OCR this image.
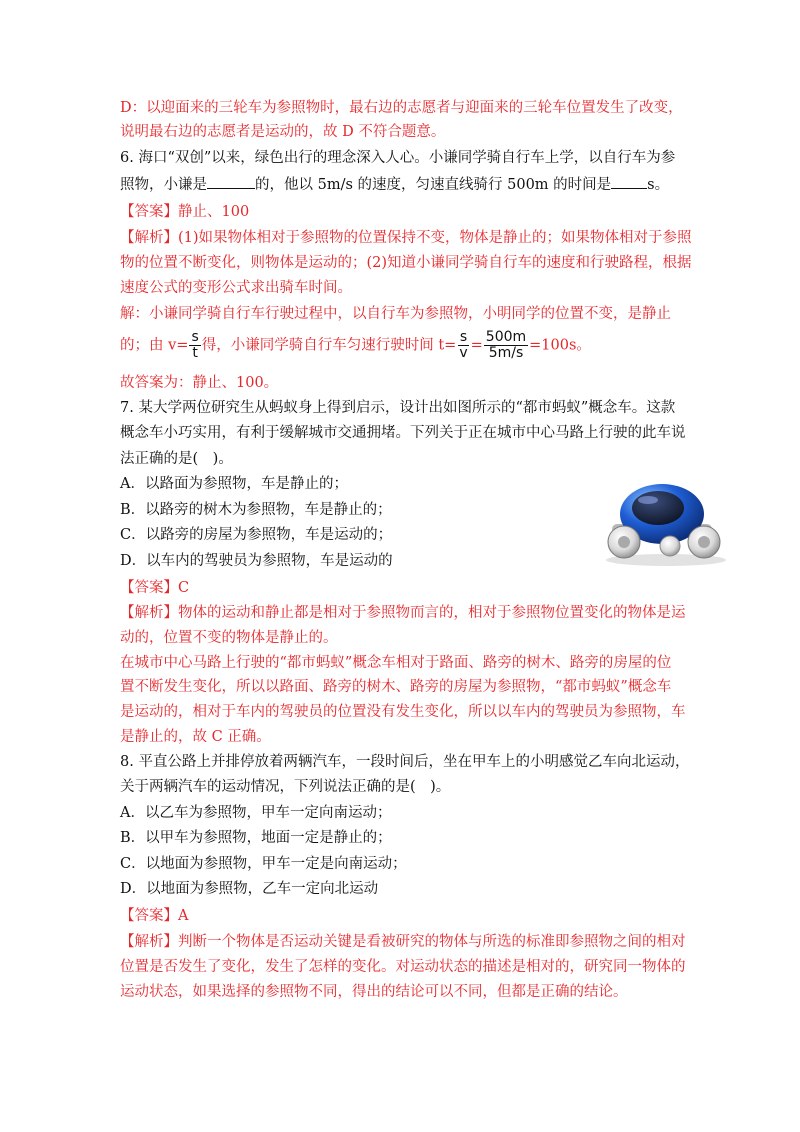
D：以迎面来的三轮车为参照物时，最右边的志愿者与迎面来的三轮车位置发生了改变，
说明最右边的志愿者是运动的，故 D 不符合题意。
6. 海口“双创”以来，绿色出行的理念深入人心。小谦同学骑自行车上学，以自行车为参
照物，小谦是	的，他以 5m/s 的速度，匀速直线骑行 500m 的时间是 s。
【答案】静止、100
【解析】(1)如果物体相对于参照物的位置保持不变，物体是静止的；如果物体相对于参照
物的位置不断变化，则物体是运动的；(2)知道小谦同学骑自行车的速度和行驶路程，根据
速度公式的变形公式求出骑车时间。
解：小谦同学骑自行车行驶过程中，以自行车为参照物，小明同学的位置不变，是静止
的；由 $v= \frac{s}{t}$ 得，小谦同学骑自行车匀速行驶时间 $t= \frac{s}{v} = \frac{500m}{5m/s} =100s$。
故答案为：静止、100。
7. 某大学两位研究生从蚂蚁身上得到启示，设计出如图所示的“都市蚂蚁”概念车。这款
概念车小巧实用，有利于缓解城市交通拥堵。下列关于正在城市中心马路上行驶的此车说
法正确的是(　)。
A．以路面为参照物，车是静止的；
B．以路旁的树木为参照物，车是静止的；
C．以路旁的房屋为参照物，车是运动的；
D．以车内的驾驶员为参照物，车是运动的
【答案】C
【解析】物体的运动和静止都是相对于参照物而言的，相对于参照物位置变化的物体是运
动的，位置不变的物体是静止的。
在城市中心马路上行驶的“都市蚂蚁”概念车相对于路面、路旁的树木、路旁的房屋的位
置不断发生变化，所以以路面、路旁的树木、路旁的房屋为参照物，“都市蚂蚁”概念车
是运动的，相对于车内的驾驶员的位置没有发生变化，所以以车内的驾驶员为参照物，车
是静止的，故 C 正确。
8. 平直公路上并排停放着两辆汽车，一段时间后，坐在甲车上的小明感觉乙车向北运动，
关于两辆汽车的运动情况，下列说法正确的是(　)。
A．以乙车为参照物，甲车一定向南运动；
B．以甲车为参照物，地面一定是静止的；
C．以地面为参照物，甲车一定是向南运动；
D．以地面为参照物，乙车一定向北运动
【答案】A
【解析】判断一个物体是否运动关键是看被研究的物体与所选的标准即参照物之间的相对
位置是否发生了变化，发生了怎样的变化。对运动状态的描述是相对的，研究同一物体的
运动状态，如果选择的参照物不同，得出的结论可以不同，但都是正确的结论。
